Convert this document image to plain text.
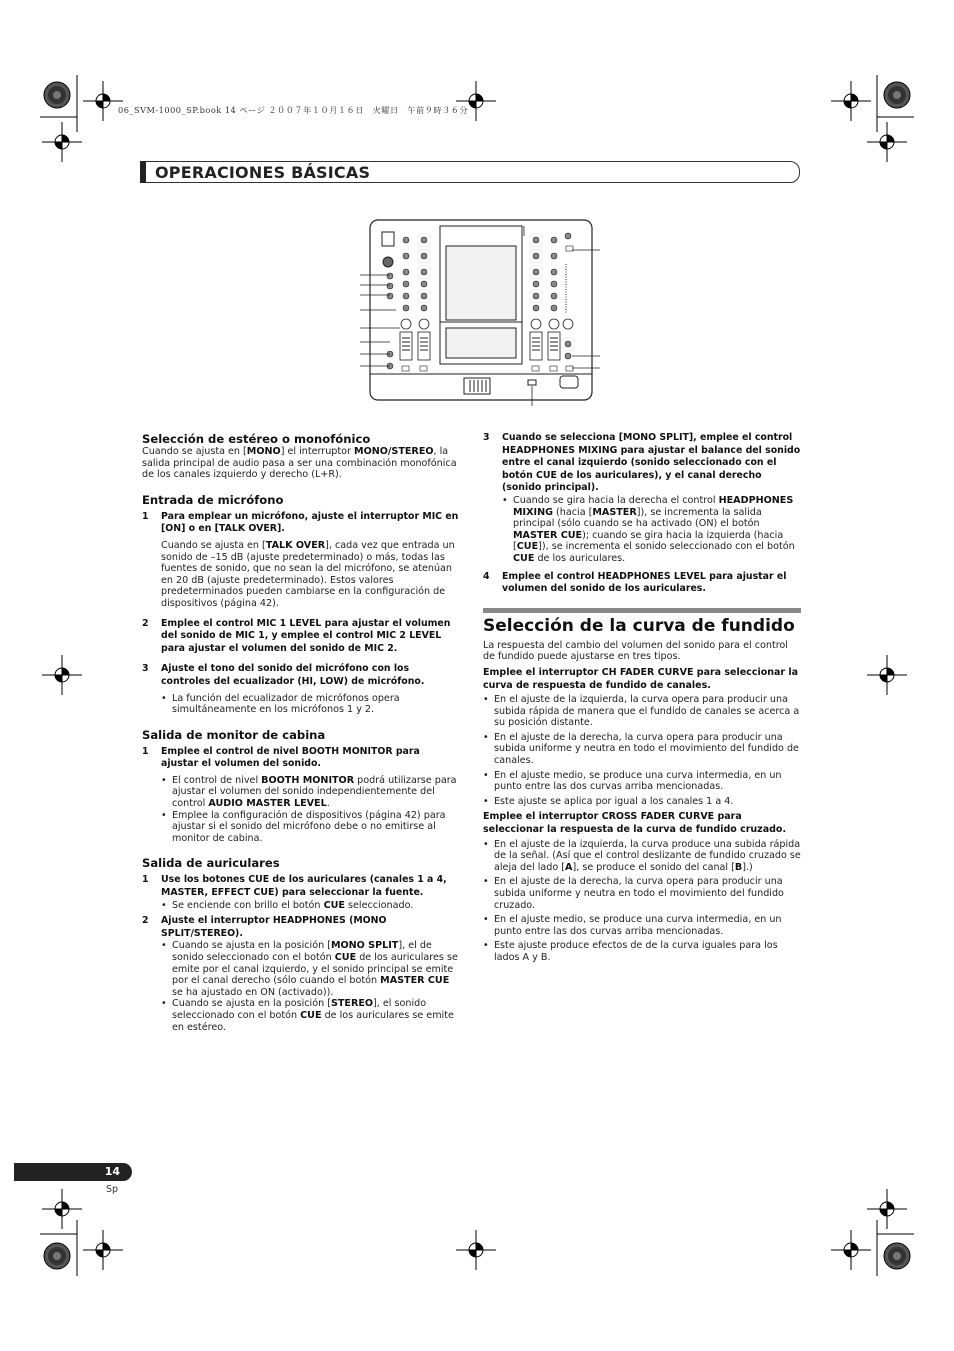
06_SVM-1000_SP.book 14 ページ ２００７年１０月１６日　火曜日　午前９時３６分
OPERACIONES BÁSICAS
Selección de estéreo o monofónico

Cuando se ajusta en [MONO] el interruptor MONO/STEREO, la salida principal de audio pasa a ser una combinación monofónica de los canales izquierdo y derecho (L+R).

Entrada de micrófono
1 Para emplear un micrófono, ajuste el interruptor MIC en [ON] o en [TALK OVER].

Cuando se ajusta en [TALK OVER], cada vez que entrada un sonido de –15 dB (ajuste predeterminado) o más, todas las fuentes de sonido, que no sean la del micrófono, se atenúan en 20 dB (ajuste predeterminado). Estos valores predeterminados pueden cambiarse en la configuración de dispositivos (página 42).

2 Emplee el control MIC 1 LEVEL para ajustar el volumen del sonido de MIC 1, y emplee el control MIC 2 LEVEL para ajustar el volumen del sonido de MIC 2.
3 Ajuste el tono del sonido del micrófono con los controles del ecualizador (HI, LOW) de micrófono.

• La función del ecualizador de micrófonos opera simultáneamente en los micrófonos 1 y 2.

Salida de monitor de cabina
1 Emplee el control de nivel BOOTH MONITOR para ajustar el volumen del sonido.

• El control de nivel BOOTH MONITOR podrá utilizarse para ajustar el volumen del sonido independientemente del control AUDIO MASTER LEVEL.

• Emplee la configuración de dispositivos (página 42) para ajustar si el sonido del micrófono debe o no emitirse al monitor de cabina.

Salida de auriculares
1 Use los botones CUE de los auriculares (canales 1 a 4, MASTER, EFFECT CUE) para seleccionar la fuente.

• Se enciende con brillo el botón CUE seleccionado.

2 Ajuste el interruptor HEADPHONES (MONO SPLIT/STEREO).

• Cuando se ajusta en la posición [MONO SPLIT], el de sonido seleccionado con el botón CUE de los auriculares se emite por el canal izquierdo, y el sonido principal se emite por el canal derecho (sólo cuando el botón MASTER CUE se ha ajustado en ON (activado)).

• Cuando se ajusta en la posición [STEREO], el sonido seleccionado con el botón CUE de los auriculares se emite en estéreo.

3 Cuando se selecciona [MONO SPLIT], emplee el control HEADPHONES MIXING para ajustar el balance del sonido entre el canal izquierdo (sonido seleccionado con el botón CUE de los auriculares), y el canal derecho (sonido principal).

• Cuando se gira hacia la derecha el control HEADPHONES MIXING (hacia [MASTER]), se incrementa la salida principal (sólo cuando se ha activado (ON) el botón MASTER CUE); cuando se gira hacia la izquierda (hacia [CUE]), se incrementa el sonido seleccionado con el botón CUE de los auriculares.

4 Emplee el control HEADPHONES LEVEL para ajustar el volumen del sonido de los auriculares.
Selección de la curva de fundido

La respuesta del cambio del volumen del sonido para el control de fundido puede ajustarse en tres tipos.

Emplee el interruptor CH FADER CURVE para seleccionar la curva de respuesta de fundido de canales.

• En el ajuste de la izquierda, la curva opera para producir una subida rápida de manera que el fundido de canales se acerca a su posición distante.

• En el ajuste de la derecha, la curva opera para producir una subida uniforme y neutra en todo el movimiento del fundido de canales.

• En el ajuste medio, se produce una curva intermedia, en un punto entre las dos curvas arriba mencionadas.

• Este ajuste se aplica por igual a los canales 1 a 4.

Emplee el interruptor CROSS FADER CURVE para seleccionar la respuesta de la curva de fundido cruzado.

• En el ajuste de la izquierda, la curva produce una subida rápida de la señal. (Así que el control deslizante de fundido cruzado se aleja del lado [A], se produce el sonido del canal [B].)

• En el ajuste de la derecha, la curva opera para producir una subida uniforme y neutra en todo el movimiento del fundido cruzado.

• En el ajuste medio, se produce una curva intermedia, en un punto entre las dos curvas arriba mencionadas.

• Este ajuste produce efectos de de la curva iguales para los lados A y B.

14
Sp
